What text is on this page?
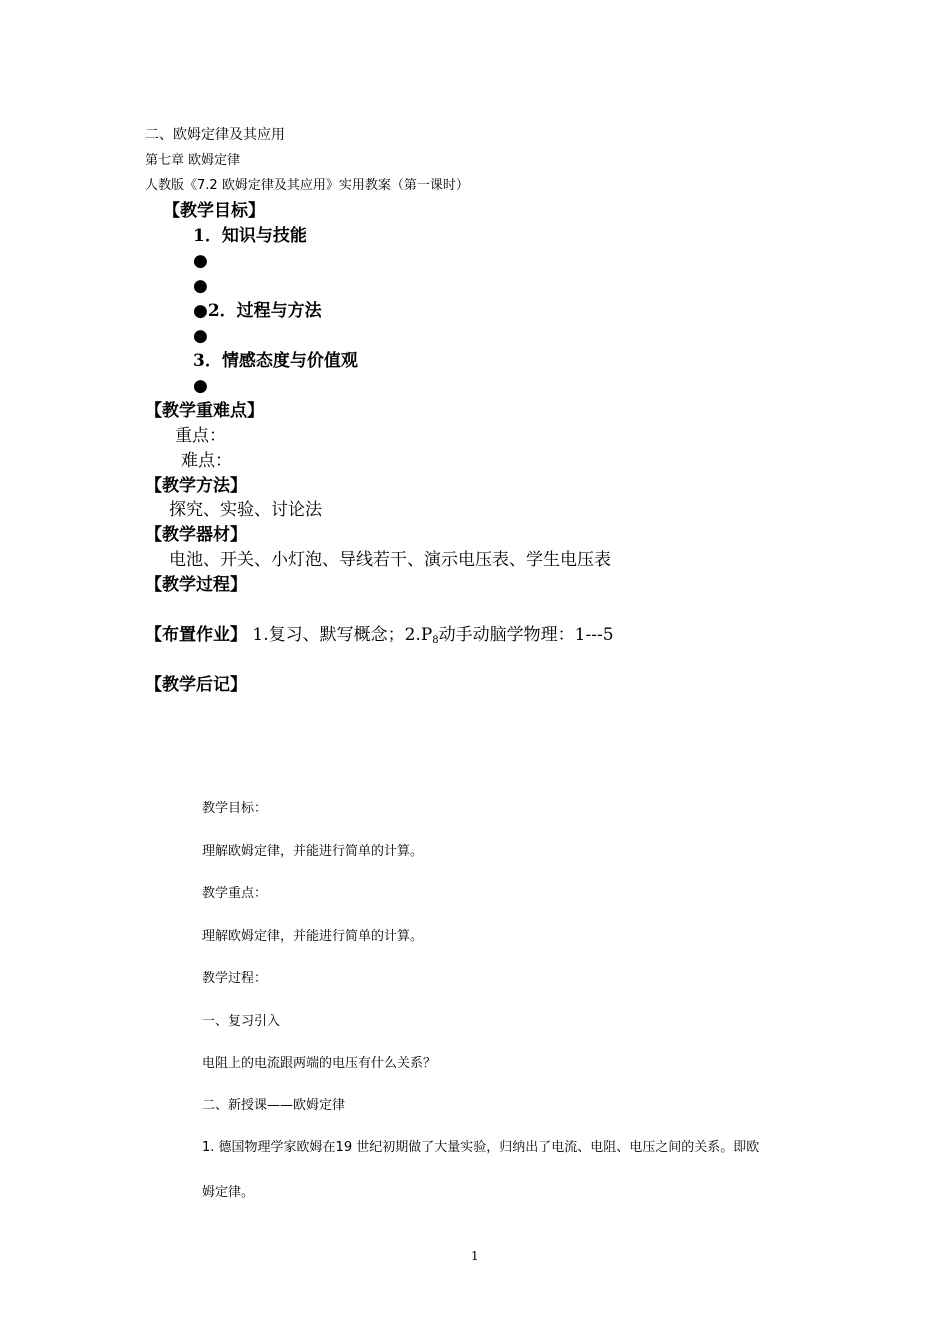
二、欧姆定律及其应用
第七章 欧姆定律
人教版《7.2 欧姆定律及其应用》实用教案（第一课时）
【教学目标】
1．知识与技能
●
●
●2．过程与方法
●
3．情感态度与价值观
●
【教学重难点】
重点：
难点：
【教学方法】
探究、实验、讨论法
【教学器材】
电池、开关、小灯泡、导线若干、演示电压表、学生电压表
【教学过程】
【布置作业】 1.复习、默写概念；$2.P_8$动手动脑学物理：1---5
【教学后记】
教学目标：
理解欧姆定律，并能进行简单的计算。
教学重点：
理解欧姆定律，并能进行简单的计算。
教学过程：
一、复习引入
电阻上的电流跟两端的电压有什么关系？
二、新授课——欧姆定律
1. 德国物理学家欧姆在19 世纪初期做了大量实验，归纳出了电流、电阻、电压之间的关系。即欧
姆定律。
1
